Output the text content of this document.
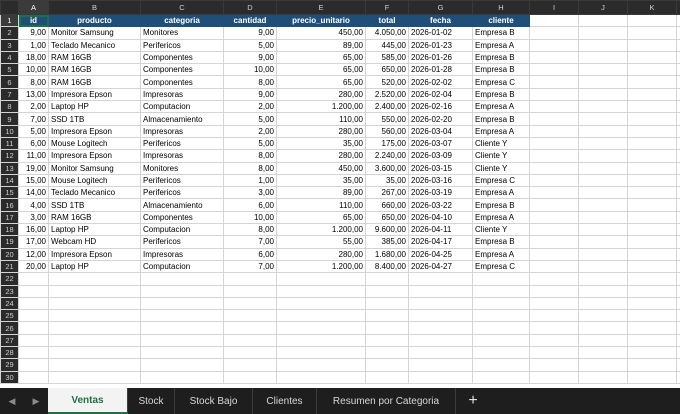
	A	B	C	D	E	F	G	H	I	J	K	
1	id	producto	categoria	cantidad	precio_unitario	total	fecha	cliente				
2	9,00	Monitor Samsung	Monitores	9,00	450,00	4.050,00	2026-01-02	Empresa B				
3	1,00	Teclado Mecanico	Perifericos	5,00	89,00	445,00	2026-01-23	Empresa A				
4	18,00	RAM 16GB	Componentes	9,00	65,00	585,00	2026-01-26	Empresa B				
5	10,00	RAM 16GB	Componentes	10,00	65,00	650,00	2026-01-28	Empresa B				
6	8,00	RAM 16GB	Componentes	8,00	65,00	520,00	2026-02-02	Empresa C				
7	13,00	Impresora Epson	Impresoras	9,00	280,00	2.520,00	2026-02-04	Empresa B				
8	2,00	Laptop HP	Computacion	2,00	1.200,00	2.400,00	2026-02-16	Empresa A				
9	7,00	SSD 1TB	Almacenamiento	5,00	110,00	550,00	2026-02-20	Empresa B				
10	5,00	Impresora Epson	Impresoras	2,00	280,00	560,00	2026-03-04	Empresa A				
11	6,00	Mouse Logitech	Perifericos	5,00	35,00	175,00	2026-03-07	Cliente Y				
12	11,00	Impresora Epson	Impresoras	8,00	280,00	2.240,00	2026-03-09	Cliente Y				
13	19,00	Monitor Samsung	Monitores	8,00	450,00	3.600,00	2026-03-15	Cliente Y				
14	15,00	Mouse Logitech	Perifericos	1,00	35,00	35,00	2026-03-16	Empresa C				
15	14,00	Teclado Mecanico	Perifericos	3,00	89,00	267,00	2026-03-19	Empresa A				
16	4,00	SSD 1TB	Almacenamiento	6,00	110,00	660,00	2026-03-22	Empresa B				
17	3,00	RAM 16GB	Componentes	10,00	65,00	650,00	2026-04-10	Empresa A				
18	16,00	Laptop HP	Computacion	8,00	1.200,00	9.600,00	2026-04-11	Cliente Y				
19	17,00	Webcam HD	Perifericos	7,00	55,00	385,00	2026-04-17	Empresa B				
20	12,00	Impresora Epson	Impresoras	6,00	280,00	1.680,00	2026-04-25	Empresa A				
21	20,00	Laptop HP	Computacion	7,00	1.200,00	8.400,00	2026-04-27	Empresa C				
22												
23												
24												
25												
26												
27												
28												
29												
30												
◀ ▶	Ventas	Stock	Stock Bajo	Clientes	Resumen por Categoria +
